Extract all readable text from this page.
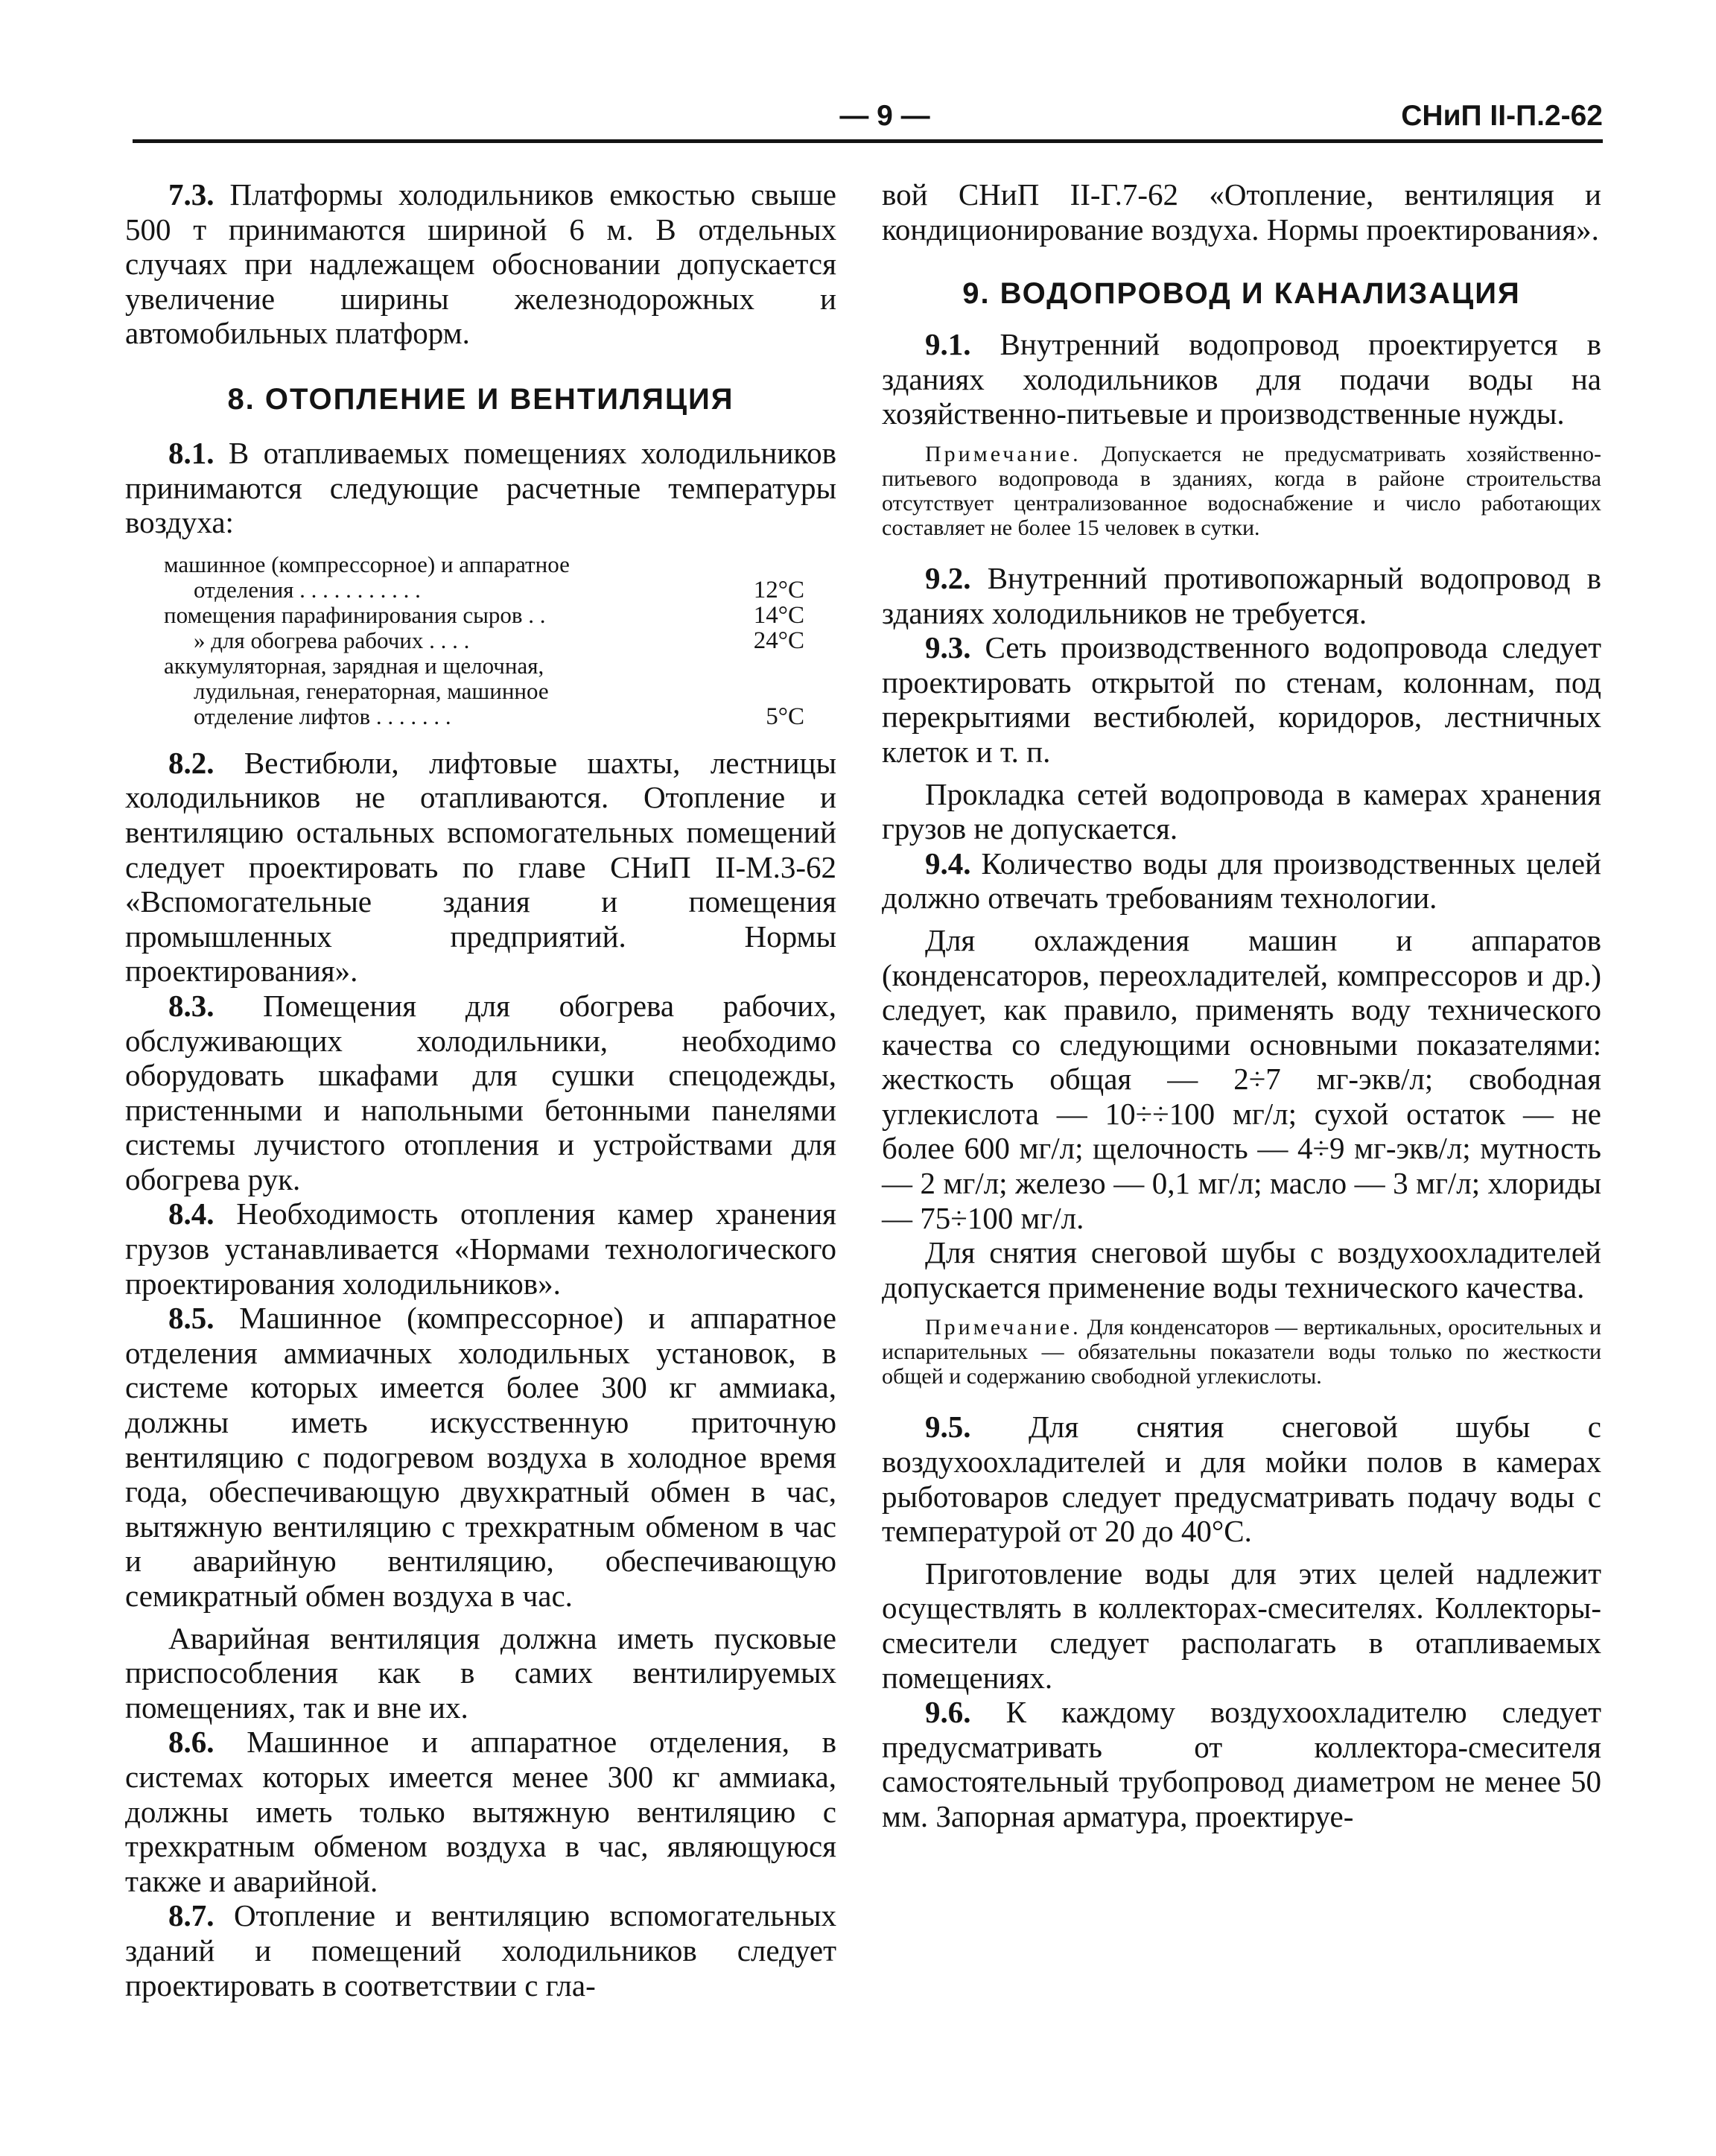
— 9 —	СНиП II-П.2-62

7.3. Платформы холодильников емкостью свыше 500 т принимаются шириной 6 м. В отдельных случаях при надлежащем обосновании допускается увеличение ширины железнодорожных и автомобильных платформ.

8. ОТОПЛЕНИЕ И ВЕНТИЛЯЦИЯ

8.1. В отапливаемых помещениях холодильников принимаются следующие расчетные температуры воздуха:

машинное (компрессорное) и аппаратное	
отделения . . . . . . . . . . .	12°C
помещения парафинирования сыров . .	14°C
» для обогрева рабочих . . . .	24°C
аккумуляторная, зарядная и щелочная,	
лудильная, генераторная, машинное	
отделение лифтов . . . . . . .	5°C

8.2. Вестибюли, лифтовые шахты, лестницы холодильников не отапливаются. Отопление и вентиляцию остальных вспомогательных помещений следует проектировать по главе СНиП II-М.3-62 «Вспомогательные здания и помещения промышленных предприятий. Нормы проектирования».

8.3. Помещения для обогрева рабочих, обслуживающих холодильники, необходимо оборудовать шкафами для сушки спецодежды, пристенными и напольными бетонными панелями системы лучистого отопления и устройствами для обогрева рук.

8.4. Необходимость отопления камер хранения грузов устанавливается «Нормами технологического проектирования холодильников».

8.5. Машинное (компрессорное) и аппаратное отделения аммиачных холодильных установок, в системе которых имеется более 300 кг аммиака, должны иметь искусственную приточную вентиляцию с подогревом воздуха в холодное время года, обеспечивающую двухкратный обмен в час, вытяжную вентиляцию с трехкратным обменом в час и аварийную вентиляцию, обеспечивающую семикратный обмен воздуха в час.

Аварийная вентиляция должна иметь пусковые приспособления как в самих вентилируемых помещениях, так и вне их.

8.6. Машинное и аппаратное отделения, в системах которых имеется менее 300 кг аммиака, должны иметь только вытяжную вентиляцию с трехкратным обменом воздуха в час, являющуюся также и аварийной.

8.7. Отопление и вентиляцию вспомогательных зданий и помещений холодильников следует проектировать в соответствии с гла-

вой СНиП II-Г.7-62 «Отопление, вентиляция и кондиционирование воздуха. Нормы проектирования».

9. ВОДОПРОВОД И КАНАЛИЗАЦИЯ

9.1. Внутренний водопровод проектируется в зданиях холодильников для подачи воды на хозяйственно-питьевые и производственные нужды.

Примечание. Допускается не предусматривать хозяйственно-питьевого водопровода в зданиях, когда в районе строительства отсутствует централизованное водоснабжение и число работающих составляет не более 15 человек в сутки.

9.2. Внутренний противопожарный водопровод в зданиях холодильников не требуется.

9.3. Сеть производственного водопровода следует проектировать открытой по стенам, колоннам, под перекрытиями вестибюлей, коридоров, лестничных клеток и т. п.

Прокладка сетей водопровода в камерах хранения грузов не допускается.

9.4. Количество воды для производственных целей должно отвечать требованиям технологии.

Для охлаждения машин и аппаратов (конденсаторов, переохладителей, компрессоров и др.) следует, как правило, применять воду технического качества со следующими основными показателями: жесткость общая — 2÷7 мг-экв/л; свободная углекислота — 10÷÷100 мг/л; сухой остаток — не более 600 мг/л; щелочность — 4÷9 мг-экв/л; мутность — 2 мг/л; железо — 0,1 мг/л; масло — 3 мг/л; хлориды — 75÷100 мг/л.

Для снятия снеговой шубы с воздухоохладителей допускается применение воды технического качества.

Примечание. Для конденсаторов — вертикальных, оросительных и испарительных — обязательны показатели воды только по жесткости общей и содержанию свободной углекислоты.

9.5. Для снятия снеговой шубы с воздухоохладителей и для мойки полов в камерах рыботоваров следует предусматривать подачу воды с температурой от 20 до 40°С.

Приготовление воды для этих целей надлежит осуществлять в коллекторах-смесителях. Коллекторы-смесители следует располагать в отапливаемых помещениях.

9.6. К каждому воздухоохладителю следует предусматривать от коллектора-смесителя самостоятельный трубопровод диаметром не менее 50 мм. Запорная арматура, проектируе-
